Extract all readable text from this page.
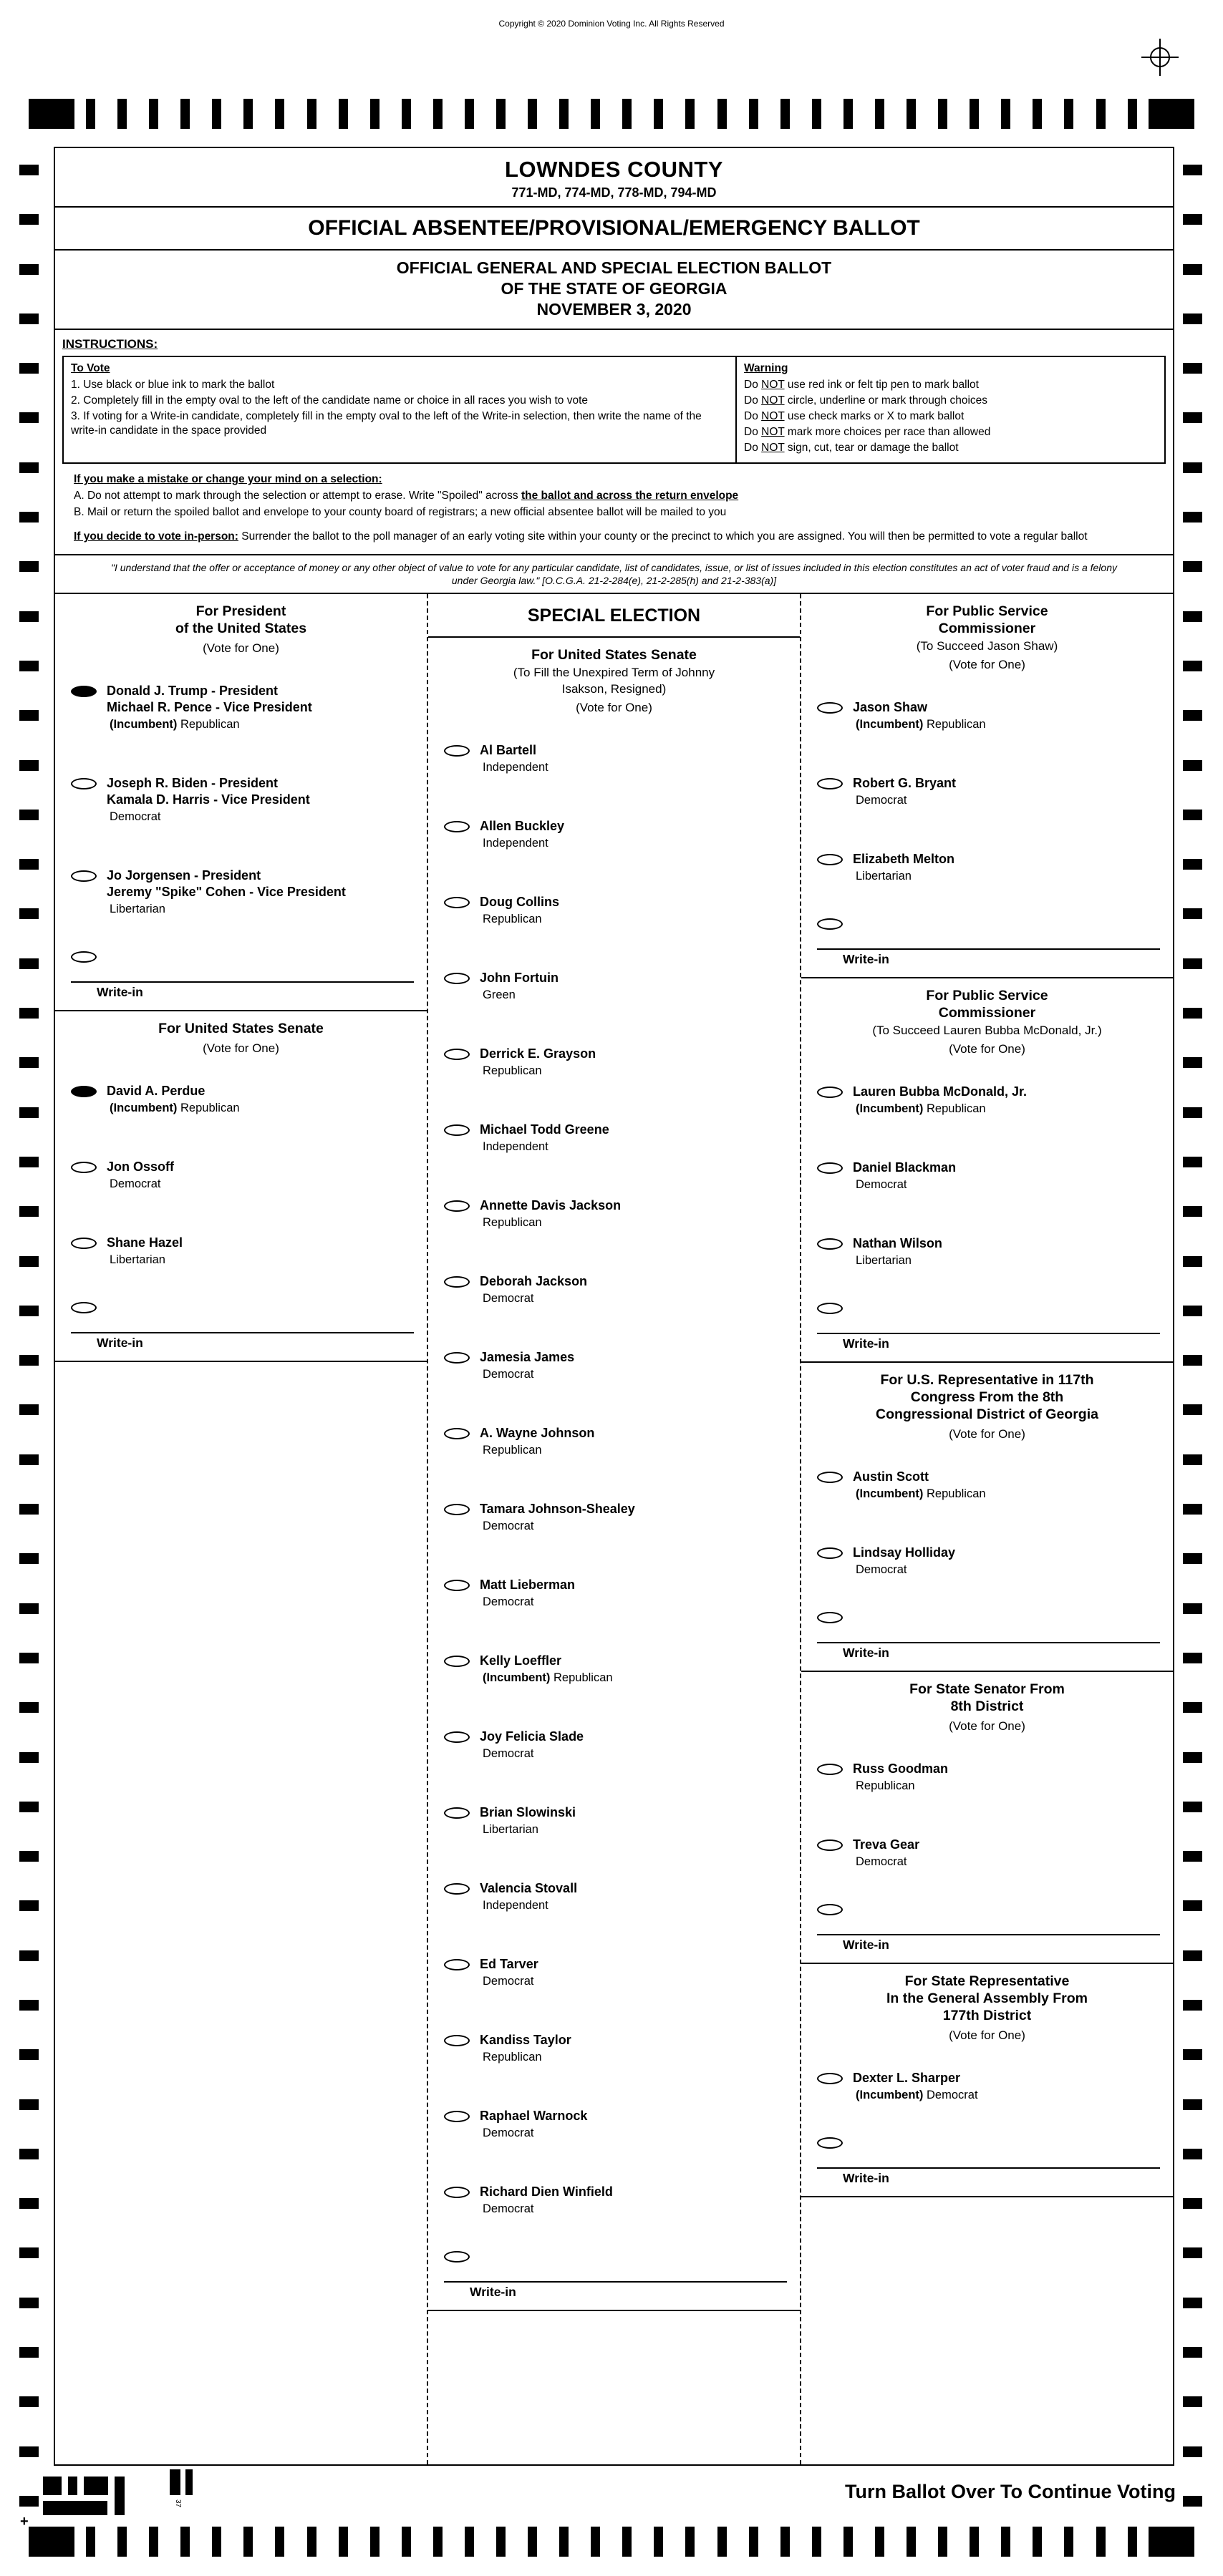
Copyright © 2020 Dominion Voting Inc. All Rights Reserved
LOWNDES COUNTY
771-MD, 774-MD, 778-MD, 794-MD
OFFICIAL ABSENTEE/PROVISIONAL/EMERGENCY BALLOT
OFFICIAL GENERAL AND SPECIAL ELECTION BALLOT
OF THE STATE OF GEORGIA
NOVEMBER 3, 2020
INSTRUCTIONS:
To Vote
1. Use black or blue ink to mark the ballot
2. Completely fill in the empty oval to the left of the candidate name or choice in all races you wish to vote
3. If voting for a Write-in candidate, completely fill in the empty oval to the left of the Write-in selection, then write the name of the write-in candidate in the space provided
Warning
Do NOT use red ink or felt tip pen to mark ballot
Do NOT circle, underline or mark through choices
Do NOT use check marks or X to mark ballot
Do NOT mark more choices per race than allowed
Do NOT sign, cut, tear or damage the ballot
If you make a mistake or change your mind on a selection:
A. Do not attempt to mark through the selection or attempt to erase. Write "Spoiled" across the ballot and across the return envelope
B. Mail or return the spoiled ballot and envelope to your county board of registrars; a new official absentee ballot will be mailed to you
If you decide to vote in-person: Surrender the ballot to the poll manager of an early voting site within your county or the precinct to which you are assigned. You will then be permitted to vote a regular ballot
"I understand that the offer or acceptance of money or any other object of value to vote for any particular candidate, list of candidates, issue, or list of issues included in this election constitutes an act of voter fraud and is a felony under Georgia law." [O.C.G.A. 21-2-284(e), 21-2-285(h) and 21-2-383(a)]
For President
of the United States
(Vote for One)
Donald J. Trump - President
Michael R. Pence - Vice President
(Incumbent) Republican
Joseph R. Biden - President
Kamala D. Harris - Vice President
Democrat
Jo Jorgensen - President
Jeremy "Spike" Cohen - Vice President
Libertarian
Write-in
For United States Senate
(Vote for One)
David A. Perdue
(Incumbent) Republican
Jon Ossoff
Democrat
Shane Hazel
Libertarian
Write-in
SPECIAL ELECTION
For United States Senate
(To Fill the Unexpired Term of Johnny
Isakson, Resigned)
(Vote for One)
Al Bartell
Independent
Allen Buckley
Independent
Doug Collins
Republican
John Fortuin
Green
Derrick E. Grayson
Republican
Michael Todd Greene
Independent
Annette Davis Jackson
Republican
Deborah Jackson
Democrat
Jamesia James
Democrat
A. Wayne Johnson
Republican
Tamara Johnson-Shealey
Democrat
Matt Lieberman
Democrat
Kelly Loeffler
(Incumbent) Republican
Joy Felicia Slade
Democrat
Brian Slowinski
Libertarian
Valencia Stovall
Independent
Ed Tarver
Democrat
Kandiss Taylor
Republican
Raphael Warnock
Democrat
Richard Dien Winfield
Democrat
Write-in
For Public Service
Commissioner
(To Succeed Jason Shaw)
(Vote for One)
Jason Shaw
(Incumbent) Republican
Robert G. Bryant
Democrat
Elizabeth Melton
Libertarian
Write-in
For Public Service
Commissioner
(To Succeed Lauren Bubba McDonald, Jr.)
(Vote for One)
Lauren Bubba McDonald, Jr.
(Incumbent) Republican
Daniel Blackman
Democrat
Nathan Wilson
Libertarian
Write-in
For U.S. Representative in 117th
Congress From the 8th
Congressional District of Georgia
(Vote for One)
Austin Scott
(Incumbent) Republican
Lindsay Holliday
Democrat
Write-in
For State Senator From
8th District
(Vote for One)
Russ Goodman
Republican
Treva Gear
Democrat
Write-in
For State Representative
In the General Assembly From
177th District
(Vote for One)
Dexter L. Sharper
(Incumbent) Democrat
Write-in
Turn Ballot Over To Continue Voting
37
+
